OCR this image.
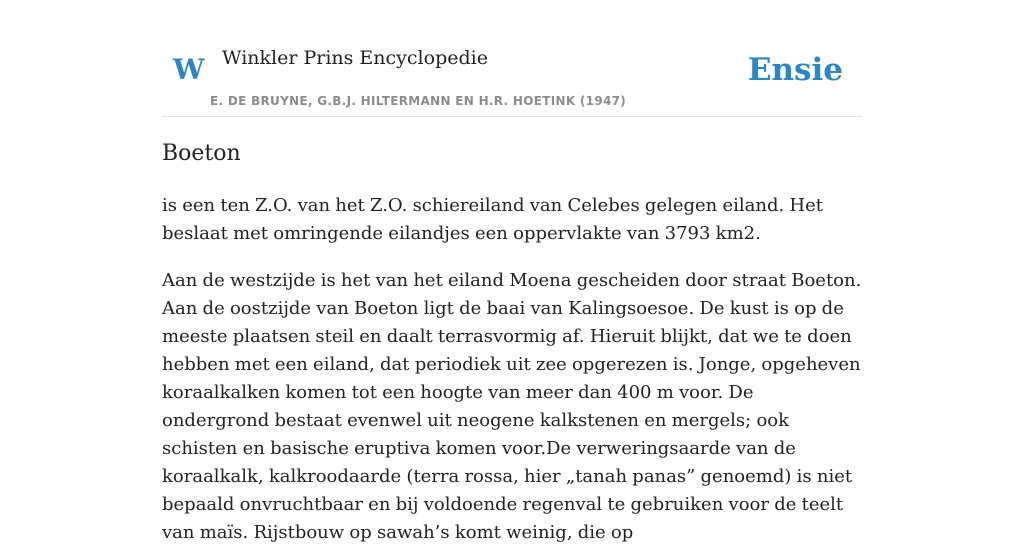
W Winkler Prins Encyclopedie
E. DE BRUYNE, G.B.J. HILTERMANN EN H.R. HOETINK (1947)
Ensie
Boeton

is een ten Z.O. van het Z.O. schiereiland van Celebes gelegen eiland. Het beslaat met omringende eilandjes een oppervlakte van 3793 km2.

Aan de westzijde is het van het eiland Moena gescheiden door straat Boeton. Aan de oostzijde van Boeton ligt de baai van Kalingsoesoe. De kust is op de meeste plaatsen steil en daalt terrasvormig af. Hieruit blijkt, dat we te doen hebben met een eiland, dat periodiek uit zee opgerezen is. Jonge, opgeheven koraalkalken komen tot een hoogte van meer dan 400 m voor. De ondergrond bestaat evenwel uit neogene kalkstenen en mergels; ook schisten en basische eruptiva komen voor.De verweringsaarde van de koraalkalk, kalkroodaarde (terra rossa, hier „tanah panas” genoemd) is niet bepaald onvruchtbaar en bij voldoende regenval te gebruiken voor de teelt van maïs. Rijstbouw op sawah’s komt weinig, die op
